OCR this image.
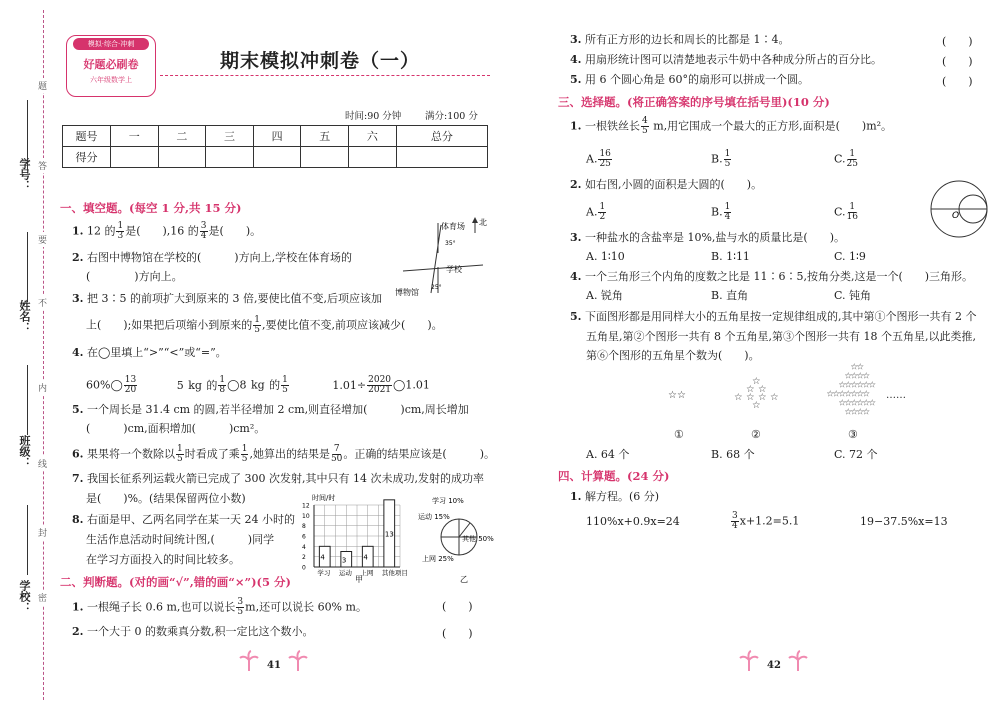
题
答
要
不
内
线
封
密
学号：
姓名：
班级：
学校：
模拟·综合·冲刺
好题必刷卷
六年级数学上
期末模拟冲刺卷（一）
时间:90 分钟 满分:100 分
题号	一	二	三	四	五	六	总分
得分							
一、填空题。(每空 1 分,共 15 分)
1. 12 的 $\frac{1}{3}$ 是(　　),16 的 $\frac{3}{4}$ 是(　　)。
2. 右图中博物馆在学校的(　　　)方向上,学校在体育场的
(　　　　)方向上。
体育场 北
学校
博物馆
35°
25°
3. 把 3∶5 的前项扩大到原来的 3 倍,要使比值不变,后项应该加
上(　　);如果把后项缩小到原来的 $\frac{1}{5}$ ,要使比值不变,前项应该减少(　　)。
4. 在◯里填上“>”“<”或“=”。
60%◯ $\frac{13}{20}$	5 kg 的 $\frac{1}{8}$ ◯8 kg 的 $\frac{1}{5}$	$1.01\div \frac{2020}{2021}$ ◯1.01
5. 一个周长是 31.4 cm 的圆,若半径增加 2 cm,则直径增加(　　　)cm,周长增加
(　　　)cm,面积增加(　　　)cm²。
6. 果果将一个数除以 $\frac{1}{5}$ 时看成了乘 $\frac{1}{5}$ ,她算出的结果是 $\frac{7}{50}$ 。正确的结果应该是(　　　)。
7. 我国长征系列运载火箭已完成了 300 次发射,其中只有 14 次未成功,发射的成功率
是(　　)%。(结果保留两位小数)
8. 右面是甲、乙两名同学在某一天 24 小时的
生活作息活动时间统计图,(　　　)同学
在学习方面投入的时间比较多。
时间/时
0
2
4
6
8
10
12
4
学习
3
运动
4
上网
13
其他项目
甲
学习 10%
运动 15%
其他 50%
上网 25%
乙
二、判断题。(对的画“√”,错的画“×”)(5 分)
1. 一根绳子长 0.6 m,也可以说长 $\frac{3}{5} m$,还可以说长 60% m。	(　　)
2. 一个大于 0 的数乘真分数,积一定比这个数小。	(　　)
41
3. 所有正方形的边长和周长的比都是 1∶4。	(　　)
4. 用扇形统计图可以清楚地表示牛奶中各种成分所占的百分比。	(　　)
5. 用 6 个圆心角是 60°的扇形可以拼成一个圆。	(　　)
三、选择题。(将正确答案的序号填在括号里)(10 分)
1. 一根铁丝长 $\frac{4}{5} m$,用它围成一个最大的正方形,面积是(　　)m²。
A. $\frac{16}{25}$	B. $\frac{1}{5}$	C. $\frac{1}{25}$
2. 如右图,小圆的面积是大圆的(　　)。
A. $\frac{1}{2}$	B. $\frac{1}{4}$	C. $\frac{1}{16}$	O
3. 一种盐水的含盐率是 10%,盐与水的质量比是(　　)。
A. 1∶10	B. 1∶11	C. 1∶9
4. 一个三角形三个内角的度数之比是 11∶6∶5,按角分类,这是一个(　　)三角形。
A. 锐角	B. 直角	C. 钝角
5. 下面图形都是用同样大小的五角星按一定规律组成的,其中第①个图形一共有 2 个
五角星,第②个图形一共有 8 个五角星,第③个图形一共有 18 个五角星,以此类推,
第⑥个图形的五角星个数为(　　)。
☆☆
☆
☆ ☆
☆ ☆ ☆ ☆
☆
☆
☆
☆
☆
☆
☆
☆
☆
☆
☆
☆
☆
☆
☆
☆
☆
☆
☆
☆
☆
☆
☆
☆
☆
☆
☆
☆
☆
☆
……
①	②	③
A. 64 个	B. 68 个	C. 72 个
四、计算题。(24 分)
1. 解方程。(6 分)
110%x+0.9x=24	$\frac{3}{4} x+1.2=5.1$	19−37.5%x=13
42
